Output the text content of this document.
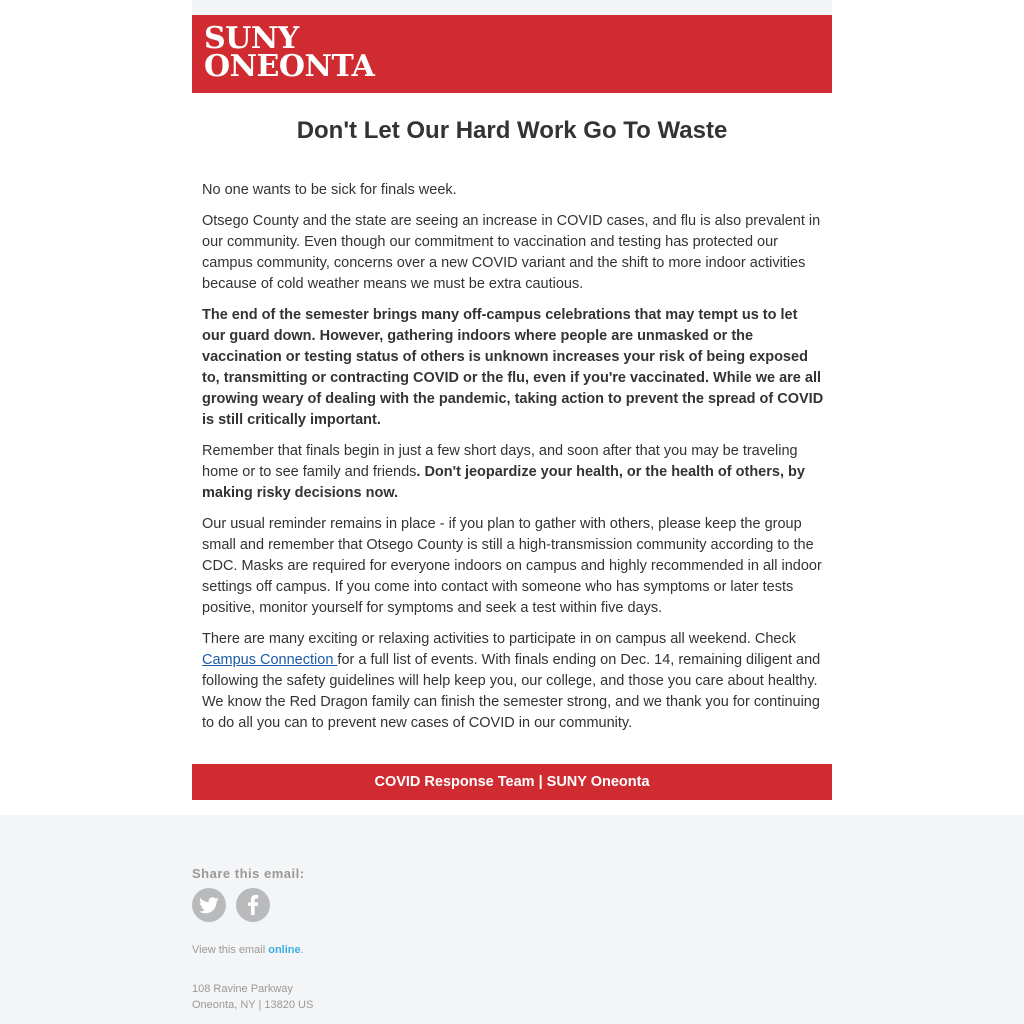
SUNY
ONEONTA
Don't Let Our Hard Work Go To Waste

No one wants to be sick for finals week.

Otsego County and the state are seeing an increase in COVID cases, and flu is also prevalent in our community. Even though our commitment to vaccination and testing has protected our campus community, concerns over a new COVID variant and the shift to more indoor activities because of cold weather means we must be extra cautious.

The end of the semester brings many off-campus celebrations that may tempt us to let our guard down. However, gathering indoors where people are unmasked or the vaccination or testing status of others is unknown increases your risk of being exposed to, transmitting or contracting COVID or the flu, even if you're vaccinated. While we are all growing weary of dealing with the pandemic, taking action to prevent the spread of COVID is still critically important.

Remember that finals begin in just a few short days, and soon after that you may be traveling home or to see family and friends. Don't jeopardize your health, or the health of others, by making risky decisions now.

Our usual reminder remains in place - if you plan to gather with others, please keep the group small and remember that Otsego County is still a high-transmission community according to the CDC. Masks are required for everyone indoors on campus and highly recommended in all indoor settings off campus. If you come into contact with someone who has symptoms or later tests positive, monitor yourself for symptoms and seek a test within five days.

There are many exciting or relaxing activities to participate in on campus all weekend. Check Campus Connection for a full list of events. With finals ending on Dec. 14, remaining diligent and following the safety guidelines will help keep you, our college, and those you care about healthy. We know the Red Dragon family can finish the semester strong, and we thank you for continuing to do all you can to prevent new cases of COVID in our community.

COVID Response Team | SUNY Oneonta
Share this email:
View this email online.
108 Ravine Parkway
Oneonta, NY | 13820 US
